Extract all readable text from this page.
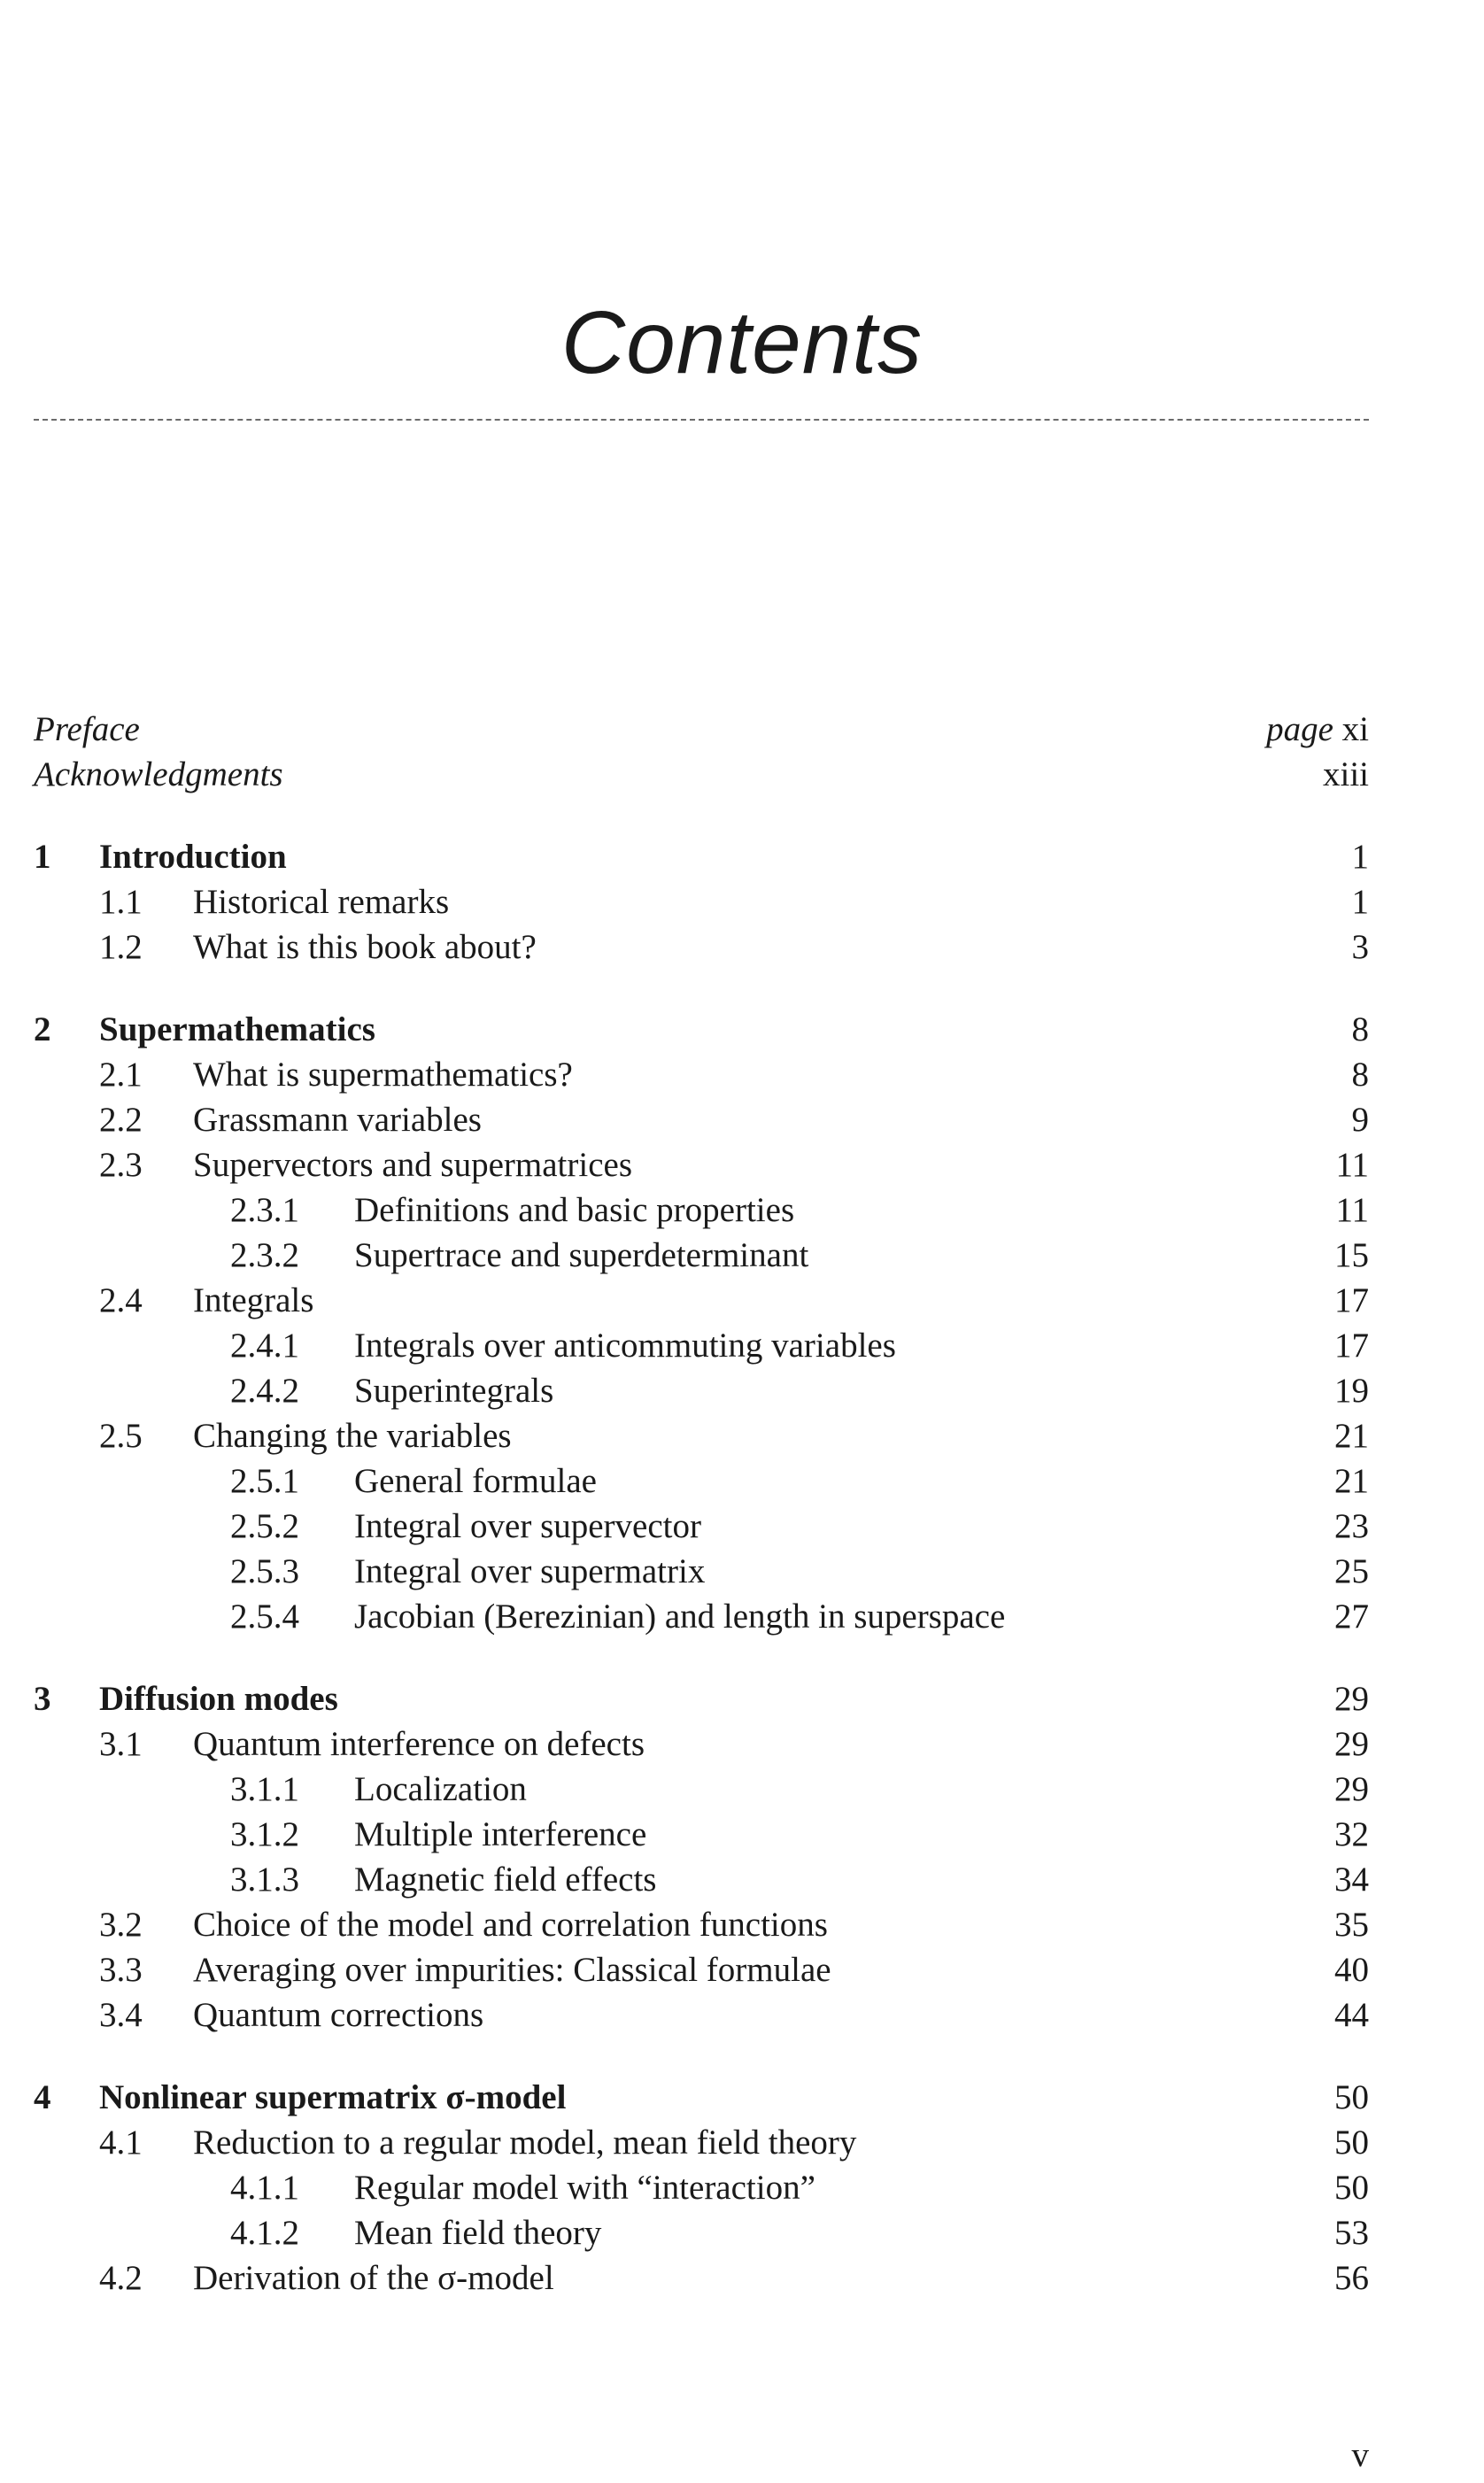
Contents
Preface	page xi
Acknowledgments	xiii
1 Introduction	1
1.1 Historical remarks	1
1.2 What is this book about?	3
2 Supermathematics	8
2.1 What is supermathematics?	8
2.2 Grassmann variables	9
2.3 Supervectors and supermatrices	11
2.3.1 Definitions and basic properties	11
2.3.2 Supertrace and superdeterminant	15
2.4 Integrals	17
2.4.1 Integrals over anticommuting variables	17
2.4.2 Superintegrals	19
2.5 Changing the variables	21
2.5.1 General formulae	21
2.5.2 Integral over supervector	23
2.5.3 Integral over supermatrix	25
2.5.4 Jacobian (Berezinian) and length in superspace	27
3 Diffusion modes	29
3.1 Quantum interference on defects	29
3.1.1 Localization	29
3.1.2 Multiple interference	32
3.1.3 Magnetic field effects	34
3.2 Choice of the model and correlation functions	35
3.3 Averaging over impurities: Classical formulae	40
3.4 Quantum corrections	44
4 Nonlinear supermatrix σ-model	50
4.1 Reduction to a regular model, mean field theory	50
4.1.1 Regular model with “interaction”	50
4.1.2 Mean field theory	53
4.2 Derivation of the σ-model	56
v
